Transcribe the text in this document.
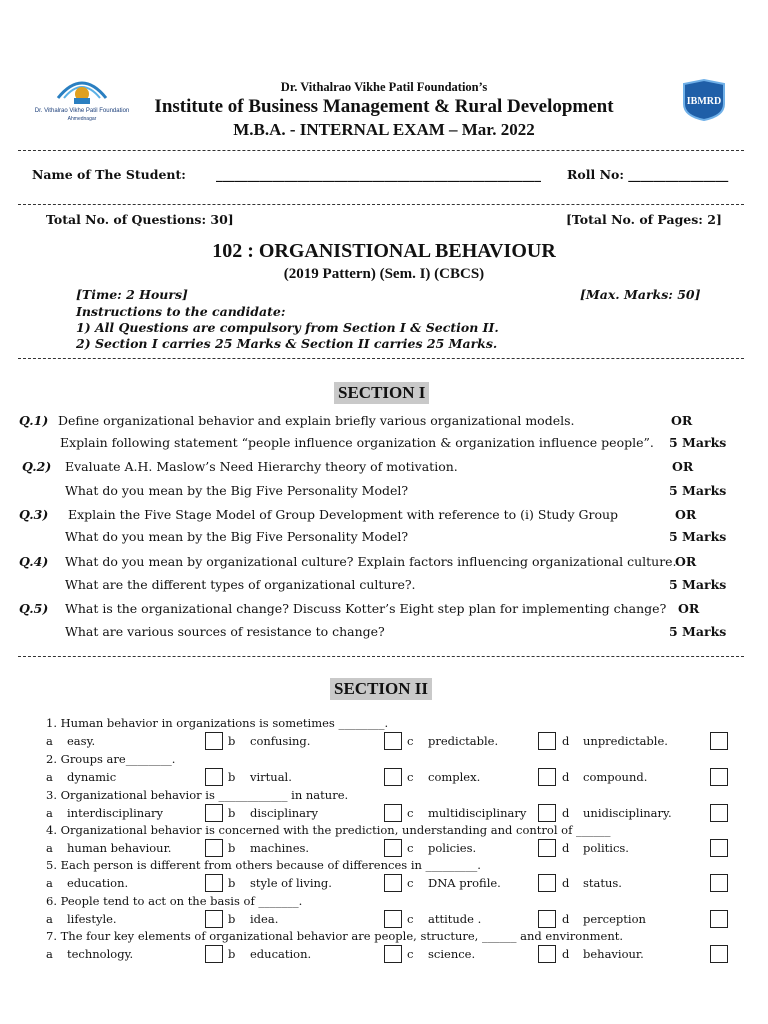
Dr. Vithalrao Vikhe Patil Foundation
Ahmednagar
IBMRD
Dr. Vithalrao Vikhe Patil Foundation’s
Institute of Business Management & Rural Development
M.B.A. - INTERNAL EXAM – Mar. 2022
Name of The Student: ____________________________________________________	Roll No: ________________
Total No. of Questions: 30]	[Total No. of Pages: 2]
102 : ORGANISTIONAL BEHAVIOUR
(2019 Pattern) (Sem. I) (CBCS)
[Time: 2 Hours]	[Max. Marks: 50]
Instructions to the candidate:
1) All Questions are compulsory from Section I & Section II.
2) Section I carries 25 Marks & Section II carries 25 Marks.
SECTION I
Q.1) Define organizational behavior and explain briefly various organizational models.	OR
Explain following statement “people influence organization & organization influence people”. 5 Marks
Q.2) Evaluate A.H. Maslow’s Need Hierarchy theory of motivation.	OR
What do you mean by the Big Five Personality Model?	5 Marks
Q.3) Explain the Five Stage Model of Group Development with reference to (i) Study Group	OR
What do you mean by the Big Five Personality Model?	5 Marks
Q.4) What do you mean by organizational culture? Explain factors influencing organizational culture.
OR
What are the different types of organizational culture?.	5 Marks
Q.5) What is the organizational change? Discuss Kotter’s Eight step plan for implementing change? OR
What are various sources of resistance to change?	5 Marks
SECTION II
1. Human behavior in organizations is sometimes ________.
a easy.	b confusing.	c predictable.	d unpredictable.
2. Groups are________.
a dynamic	b virtual.	c complex.	d compound.
3. Organizational behavior is ____________ in nature.
a interdisciplinary	b disciplinary	c multidisciplinary	d unidisciplinary.
4. Organizational behavior is concerned with the prediction, understanding and control of ______
a human behaviour.	b machines.	c policies.	d politics.
5. Each person is different from others because of differences in _________.
a education.	b style of living.	c DNA profile.	d status.
6. People tend to act on the basis of _______.
a lifestyle.	b idea.	c attitude .	d perception
7. The four key elements of organizational behavior are people, structure, ______ and environment.
a technology.	b education.	c science.	d behaviour.
